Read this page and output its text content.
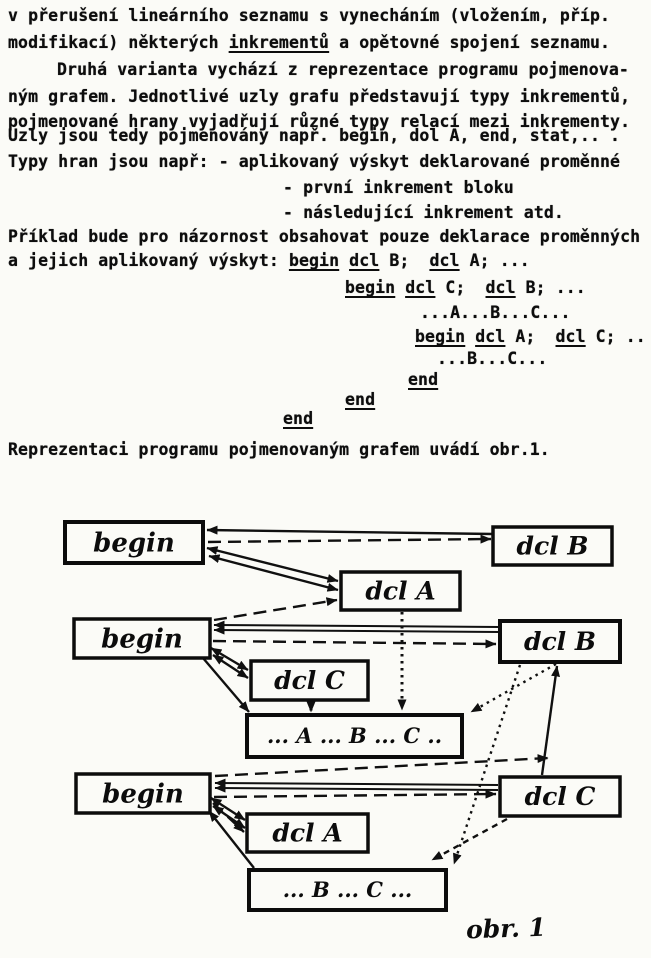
v přerušení lineárního seznamu s vynecháním (vložením, příp.
modifikací) některých inkrementů a opětovné spojení seznamu.
Druhá varianta vychází z reprezentace programu pojmenova-
ným grafem. Jednotlivé uzly grafu představují typy inkrementů,
pojmenované hrany vyjadřují různé typy relací mezi inkrementy.
Uzly jsou tedy pojmenovány např. begin, dol A, end, stat,.. .
Typy hran jsou např: - aplikovaný výskyt deklarované proměnné
- první inkrement bloku
- následující inkrement atd.
Příklad bude pro názornost obsahovat pouze deklarace proměnných
a jejich aplikovaný výskyt: begin dcl B;  dcl A; ...
begin dcl C;  dcl B; ...
...A...B...C...
begin dcl A;  dcl C; ..
...B...C...
end
end
end
Reprezentaci programu pojmenovaným grafem uvádí obr.1.
begin	dcl B
dcl A
begin	dcl B
dcl C
... A ... B ... C ..
begin	dcl C
dcl A
... B ... C ...
obr. 1
